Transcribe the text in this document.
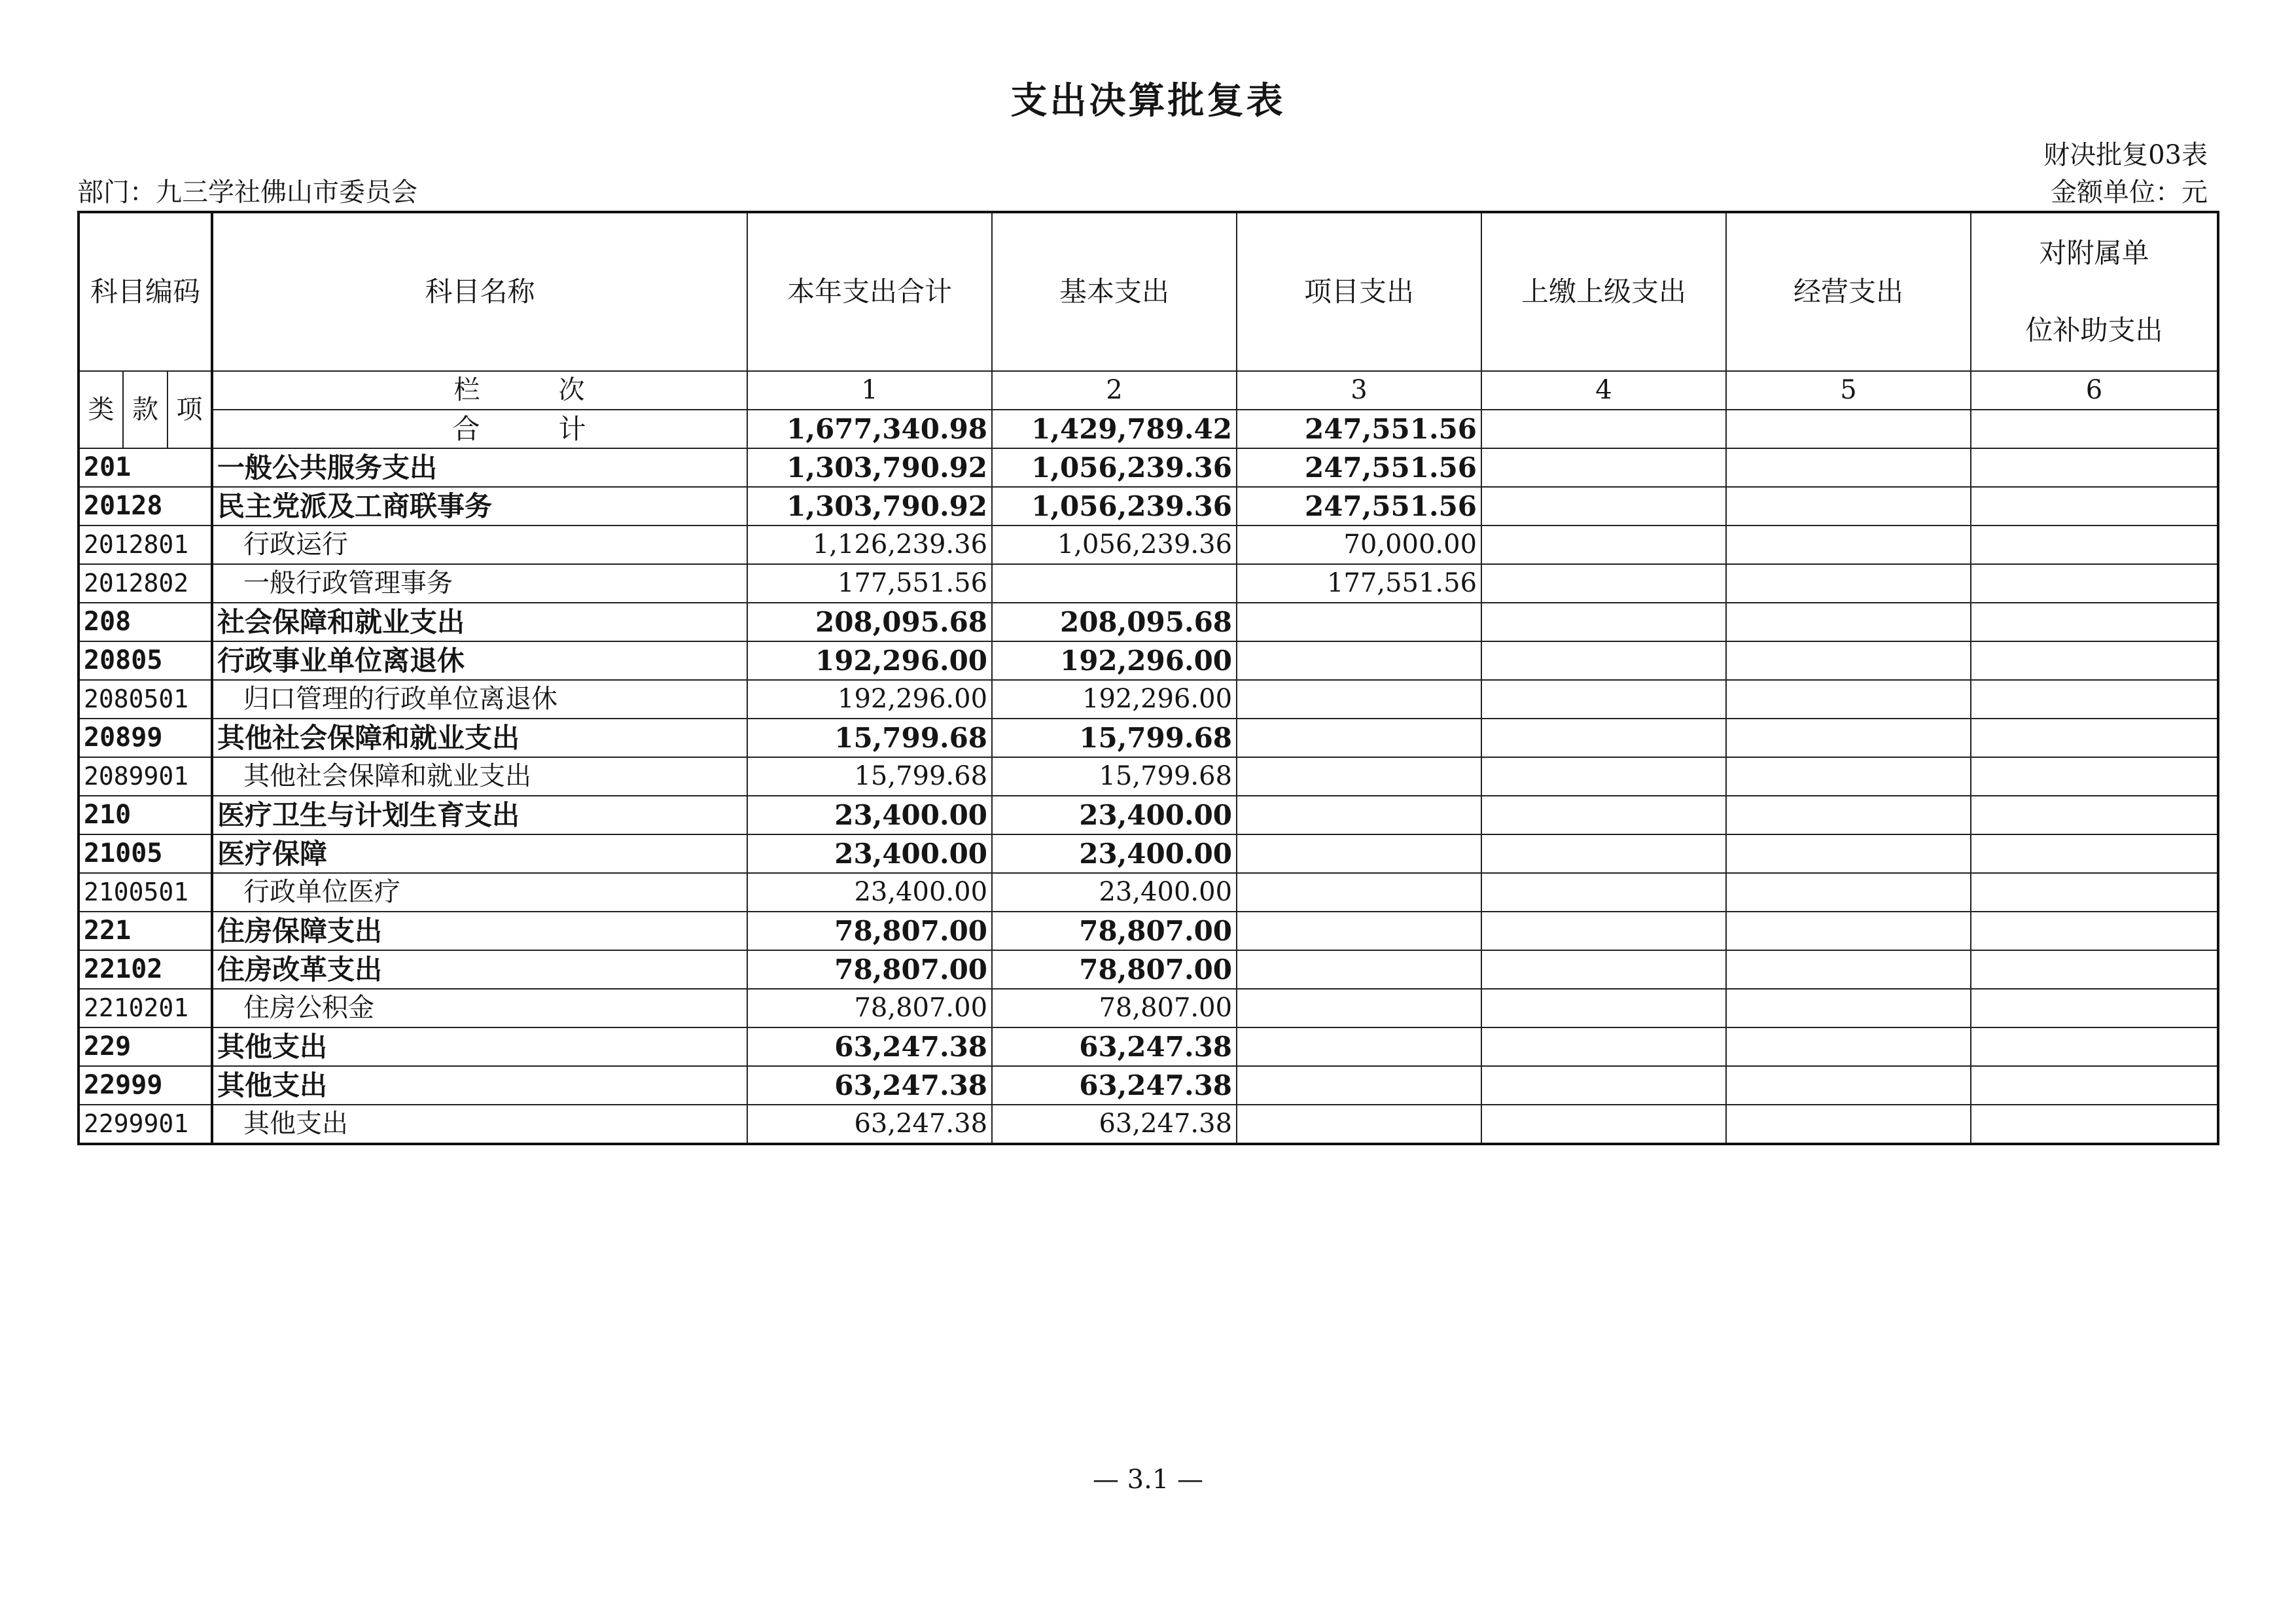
支出决算批复表
财决批复03表
部门：九三学社佛山市委员会	金额单位：元
科目编码			科目名称	本年支出合计	基本支出	项目支出	上缴上级支出	经营支出	对附属单
位补助支出
类	款	项	栏次	1	2	3	4	5	6
			合计	1,677,340.98	1,429,789.42	247,551.56			
201			一般公共服务支出	1,303,790.92	1,056,239.36	247,551.56			
20128			民主党派及工商联事务	1,303,790.92	1,056,239.36	247,551.56			
2012801			行政运行	1,126,239.36	1,056,239.36	70,000.00			
2012802			一般行政管理事务	177,551.56		177,551.56			
208			社会保障和就业支出	208,095.68	208,095.68				
20805			行政事业单位离退休	192,296.00	192,296.00				
2080501			归口管理的行政单位离退休	192,296.00	192,296.00				
20899			其他社会保障和就业支出	15,799.68	15,799.68				
2089901			其他社会保障和就业支出	15,799.68	15,799.68				
210			医疗卫生与计划生育支出	23,400.00	23,400.00				
21005			医疗保障	23,400.00	23,400.00				
2100501			行政单位医疗	23,400.00	23,400.00				
221			住房保障支出	78,807.00	78,807.00				
22102			住房改革支出	78,807.00	78,807.00				
2210201			住房公积金	78,807.00	78,807.00				
229			其他支出	63,247.38	63,247.38				
22999			其他支出	63,247.38	63,247.38				
2299901			其他支出	63,247.38	63,247.38				
— 3.1 —
